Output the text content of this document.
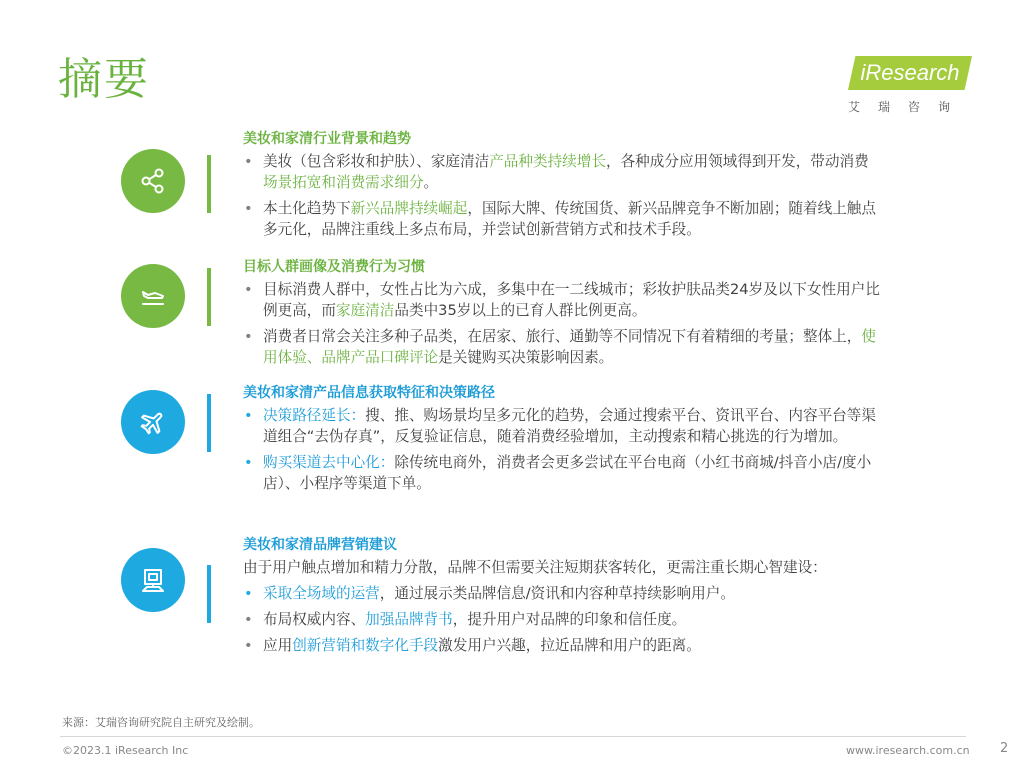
摘要	iResearch
艾瑞咨询
美妆和家清行业背景和趋势
• 美妆（包含彩妆和护肤）、家庭清洁产品种类持续增长，各种成分应用领域得到开发，带动消费场景拓宽和消费需求细分。
• 本土化趋势下新兴品牌持续崛起，国际大牌、传统国货、新兴品牌竞争不断加剧；随着线上触点多元化，品牌注重线上多点布局，并尝试创新营销方式和技术手段。
目标人群画像及消费行为习惯
• 目标消费人群中，女性占比为六成，多集中在一二线城市；彩妆护肤品类24岁及以下女性用户比例更高，而家庭清洁品类中35岁以上的已育人群比例更高。
• 消费者日常会关注多种子品类，在居家、旅行、通勤等不同情况下有着精细的考量；整体上，使用体验、品牌产品口碑评论是关键购买决策影响因素。
美妆和家清产品信息获取特征和决策路径
• 决策路径延长：搜、推、购场景均呈多元化的趋势，会通过搜索平台、资讯平台、内容平台等渠道组合“去伪存真”，反复验证信息，随着消费经验增加，主动搜索和精心挑选的行为增加。
• 购买渠道去中心化：除传统电商外，消费者会更多尝试在平台电商（小红书商城/抖音小店/度小店）、小程序等渠道下单。
美妆和家清品牌营销建议
由于用户触点增加和精力分散，品牌不但需要关注短期获客转化，更需注重长期心智建设：
• 采取全场域的运营，通过展示类品牌信息/资讯和内容种草持续影响用户。
• 布局权威内容、加强品牌背书，提升用户对品牌的印象和信任度。
• 应用创新营销和数字化手段激发用户兴趣，拉近品牌和用户的距离。
来源：艾瑞咨询研究院自主研究及绘制。
©2023.1 iResearch Inc	www.iresearch.com.cn 2
